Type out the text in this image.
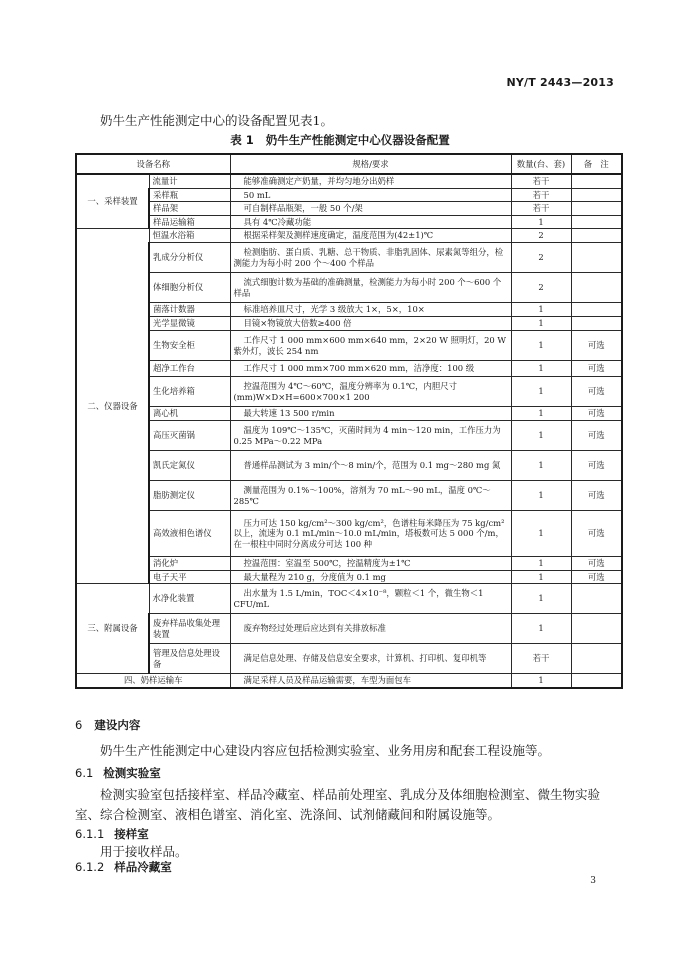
NY/T 2443—2013
奶牛生产性能测定中心的设备配置见表1。
表 1 奶牛生产性能测定中心仪器设备配置
设备名称		规格/要求	数量(台、套)	备　注
一、采样装置	流量计	能够准确测定产奶量，并均匀地分出奶样	若干	
	采样瓶	50 mL	若干	
	样品架	可自制样品瓶架，一般 50 个/架	若干	
	样品运输箱	具有 4℃冷藏功能	1	
二、仪器设备	恒温水浴箱	根据采样架及测样速度确定，温度范围为(42±1)℃	2	
	乳成分分析仪	检测脂肪、蛋白质、乳糖、总干物质、非脂乳固体、尿素氮等组分，检测能力为每小时 200 个～400 个样品	2	
	体细胞分析仪	流式细胞计数为基础的准确测量，检测能力为每小时 200 个～600 个样品	2	
	菌落计数器	标准培养皿尺寸，光学 3 级放大 1×，5×，10×	1	
	光学显微镜	目镜×物镜放大倍数≥400 倍	1	
	生物安全柜	工作尺寸 1 000 mm×600 mm×640 mm，2×20 W 照明灯，20 W 紫外灯，波长 254 nm	1	可选
	超净工作台	工作尺寸 1 000 mm×700 mm×620 mm，洁净度：100 级	1	可选
	生化培养箱	控温范围为 4℃～60℃，温度分辨率为 0.1℃，内胆尺寸(mm)W×D×H=600×700×1 200	1	可选
	离心机	最大转速 13 500 r/min	1	可选
	高压灭菌锅	温度为 109℃～135℃，灭菌时间为 4 min～120 min，工作压力为 0.25 MPa～0.22 MPa	1	可选
	凯氏定氮仪	普通样品测试为 3 min/个～8 min/个，范围为 0.1 mg～280 mg 氮	1	可选
	脂肪测定仪	测量范围为 0.1%～100%，溶剂为 70 mL～90 mL，温度 0℃～285℃	1	可选
	高效液相色谱仪	压力可达 150 kg/cm²～300 kg/cm²，色谱柱每米降压为 75 kg/cm²以上，流速为 0.1 mL/min～10.0 mL/min，塔板数可达 5 000 个/m，在一根柱中同时分离成分可达 100 种	1	可选
	消化炉	控温范围：室温至 500℃，控温精度为±1℃	1	可选
	电子天平	最大量程为 210 g，分度值为 0.1 mg	1	可选
三、附属设备	水净化装置	出水量为 1.5 L/min，TOC＜4×10⁻⁸，颗粒＜1 个，微生物＜1 CFU/mL	1	
	废弃样品收集处理装置	废弃物经过处理后应达到有关排放标准	1	
	管理及信息处理设备	满足信息处理、存储及信息安全要求，计算机、打印机、复印机等	若干	
四、奶样运输车		满足采样人员及样品运输需要，车型为面包车	1	
6 建设内容
奶牛生产性能测定中心建设内容应包括检测实验室、业务用房和配套工程设施等。
6.1 检测实验室
检测实验室包括接样室、样品冷藏室、样品前处理室、乳成分及体细胞检测室、微生物实验室、综合检测室、液相色谱室、消化室、洗涤间、试剂储藏间和附属设施等。
6.1.1 接样室
用于接收样品。
6.1.2 样品冷藏室
3
